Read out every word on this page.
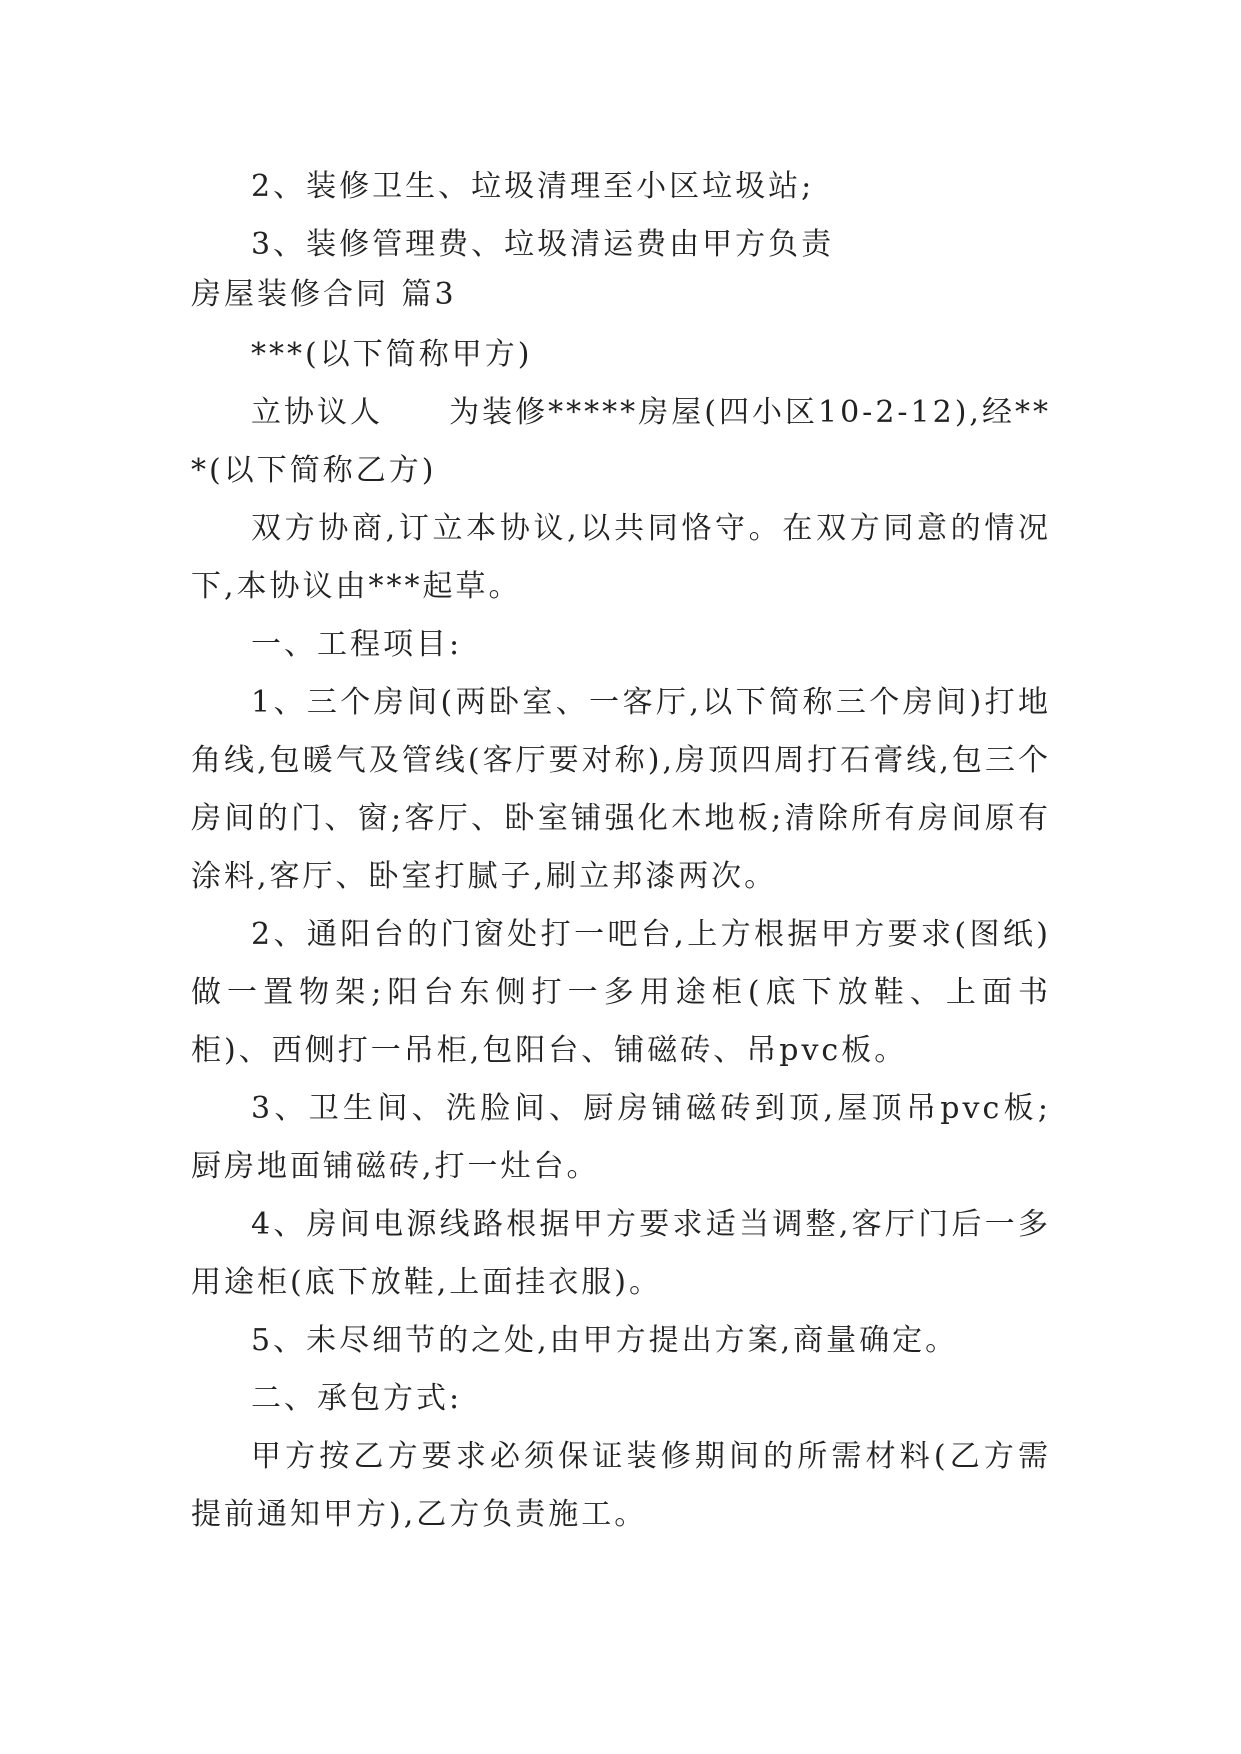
2、装修卫生、垃圾清理至小区垃圾站;

3、装修管理费、垃圾清运费由甲方负责

房屋装修合同 篇3

***(以下简称甲方)

立协议人　　为装修*****房屋(四小区10-2-12),经***(以下简称乙方)

双方协商,订立本协议,以共同恪守。在双方同意的情况下,本协议由***起草。

一、工程项目:

1、三个房间(两卧室、一客厅,以下简称三个房间)打地角线,包暖气及管线(客厅要对称),房顶四周打石膏线,包三个房间的门、窗;客厅、卧室铺强化木地板;清除所有房间原有涂料,客厅、卧室打腻子,刷立邦漆两次。

2、通阳台的门窗处打一吧台,上方根据甲方要求(图纸)做一置物架;阳台东侧打一多用途柜(底下放鞋、上面书柜)、西侧打一吊柜,包阳台、铺磁砖、吊pvc板。

3、卫生间、洗脸间、厨房铺磁砖到顶,屋顶吊pvc板;厨房地面铺磁砖,打一灶台。

4、房间电源线路根据甲方要求适当调整,客厅门后一多用途柜(底下放鞋,上面挂衣服)。

5、未尽细节的之处,由甲方提出方案,商量确定。

二、承包方式:

甲方按乙方要求必须保证装修期间的所需材料(乙方需提前通知甲方),乙方负责施工。
